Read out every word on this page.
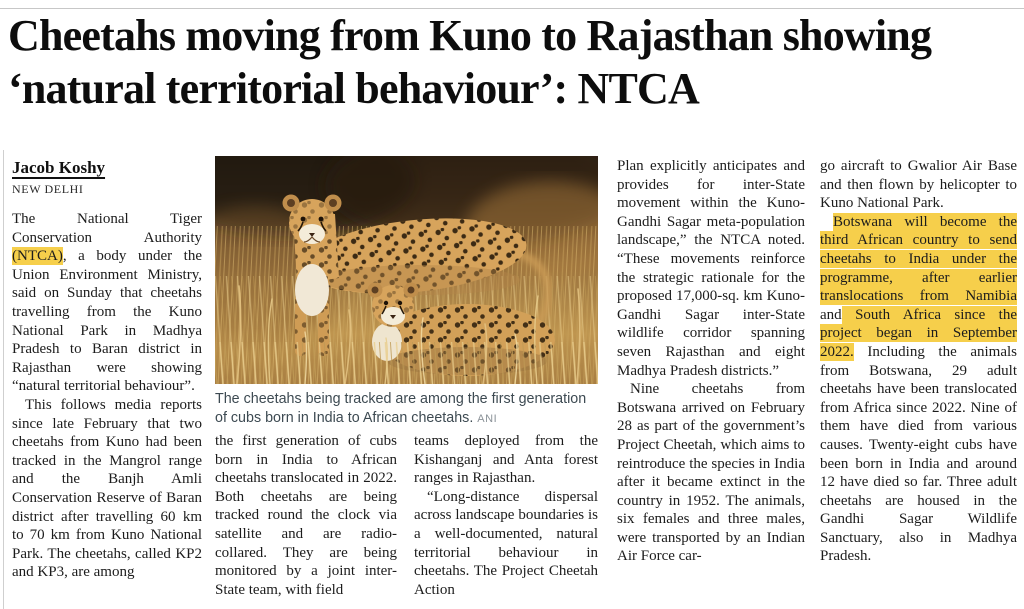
Cheetahs moving from Kuno to Rajasthan showing ‘natural territorial behaviour’: NTCA
Jacob Koshy
NEW DELHI

The cheetahs being tracked are among the first generation of cubs born in India to African cheetahs. ANI

The National Tiger Conservation Authority (NTCA), a body under the Union Environment Ministry, said on Sunday that cheetahs travelling from the Kuno National Park in Madhya Pradesh to Baran district in Rajasthan were showing “natural territorial behaviour”.

This follows media reports since late February that two cheetahs from Kuno had been tracked in the Mangrol range and the Banjh Amli Conservation Reserve of Baran district after travelling 60 km to 70 km from Kuno National Park. The cheetahs, called KP2 and KP3, are among

the first generation of cubs born in India to African cheetahs translocated in 2022. Both cheetahs are being tracked round the clock via satellite and are radio-collared. They are being monitored by a joint inter-State team, with field

teams deployed from the Kishanganj and Anta forest ranges in Rajasthan.

“Long-distance dispersal across landscape boundaries is a well-documented, natural territorial behaviour in cheetahs. The Project Cheetah Action

Plan explicitly anticipates and provides for inter-State movement within the Kuno-Gandhi Sagar meta-population landscape,” the NTCA noted. “These movements reinforce the strategic rationale for the proposed 17,000-sq. km Kuno-Gandhi Sagar inter-State wildlife corridor spanning seven Rajasthan and eight Madhya Pradesh districts.”

Nine cheetahs from Botswana arrived on February 28 as part of the government’s Project Cheetah, which aims to reintroduce the species in India after it became extinct in the country in 1952. The animals, six females and three males, were transported by an Indian Air Force car-

go aircraft to Gwalior Air Base and then flown by helicopter to Kuno National Park.

Botswana will become the third African country to send cheetahs to India under the programme, after earlier translocations from Namibia and South Africa since the project began in September 2022. Including the animals from Botswana, 29 adult cheetahs have been translocated from Africa since 2022. Nine of them have died from various causes. Twenty-eight cubs have been born in India and around 12 have died so far. Three adult cheetahs are housed in the Gandhi Sagar Wildlife Sanctuary, also in Madhya Pradesh.
